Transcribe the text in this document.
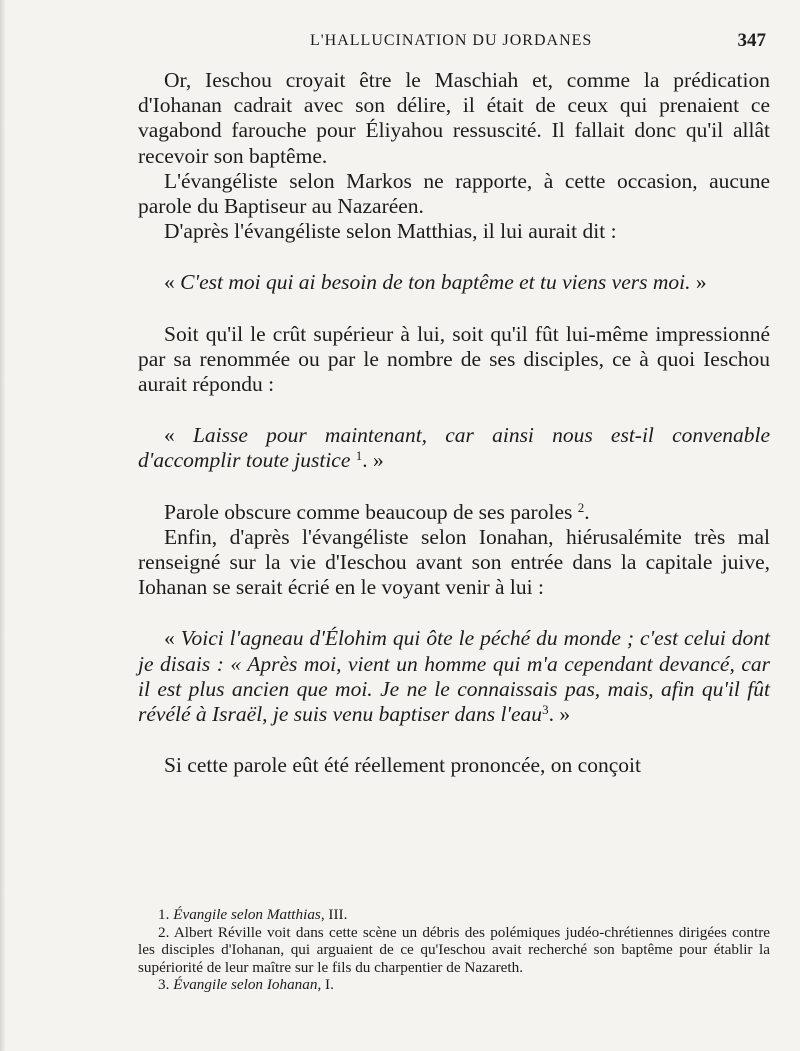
L'HALLUCINATION DU JORDANES	347

Or, Ieschou croyait être le Maschiah et, comme la prédication d'Iohanan cadrait avec son délire, il était de ceux qui prenaient ce vagabond farouche pour Éliyahou ressuscité. Il fallait donc qu'il allât recevoir son baptême.

L'évangéliste selon Markos ne rapporte, à cette occasion, aucune parole du Baptiseur au Nazaréen.

D'après l'évangéliste selon Matthias, il lui aurait dit :

« C'est moi qui ai besoin de ton baptême et tu viens vers moi. »

Soit qu'il le crût supérieur à lui, soit qu'il fût lui-même impressionné par sa renommée ou par le nombre de ses disciples, ce à quoi Ieschou aurait répondu :

« Laisse pour maintenant, car ainsi nous est-il convenable d'accomplir toute justice $^1$. »

Parole obscure comme beaucoup de ses paroles $^2$.

Enfin, d'après l'évangéliste selon Ionahan, hiérusalémite très mal renseigné sur la vie d'Ieschou avant son entrée dans la capitale juive, Iohanan se serait écrié en le voyant venir à lui :

« Voici l'agneau d'Élohim qui ôte le péché du monde ; c'est celui dont je disais : « Après moi, vient un homme qui m'a cependant devancé, car il est plus ancien que moi. Je ne le connaissais pas, mais, afin qu'il fût révélé à Israël, je suis venu baptiser dans l'eau$^3$. »

Si cette parole eût été réellement prononcée, on conçoit

1. Évangile selon Matthias, III.

2. Albert Réville voit dans cette scène un débris des polémiques judéo-chrétiennes dirigées contre les disciples d'Iohanan, qui arguaient de ce qu'Ieschou avait recherché son baptême pour établir la supériorité de leur maître sur le fils du charpentier de Nazareth.

3. Évangile selon Iohanan, I.
